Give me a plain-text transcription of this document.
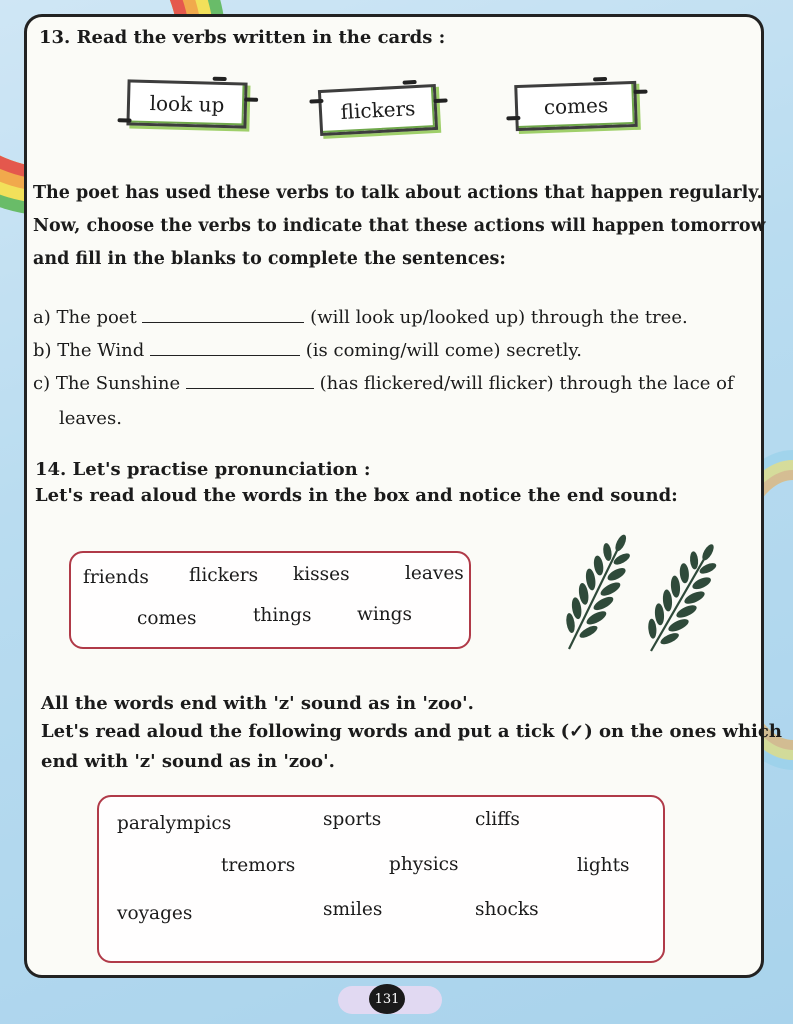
13. Read the verbs written in the cards :
look up	flickers	comes
The poet has used these verbs to talk about actions that happen regularly.
Now, choose the verbs to indicate that these actions will happen tomorrow
and fill in the blanks to complete the sentences:
a) The poet	(will look up/looked up) through the tree.
b) The Wind	(is coming/will come) secretly.
c) The Sunshine	(has flickered/will flicker) through the lace of
leaves.
14. Let's practise pronunciation :
Let's read aloud the words in the box and notice the end sound:
friends flickers kisses	leaves
comes	things wings
All the words end with 'z' sound as in 'zoo'.
Let's read aloud the following words and put a tick (✓) on the ones which
end with 'z' sound as in 'zoo'.
paralympics	sports	cliffs
tremors	physics	lights
voyages	smiles	shocks
131
